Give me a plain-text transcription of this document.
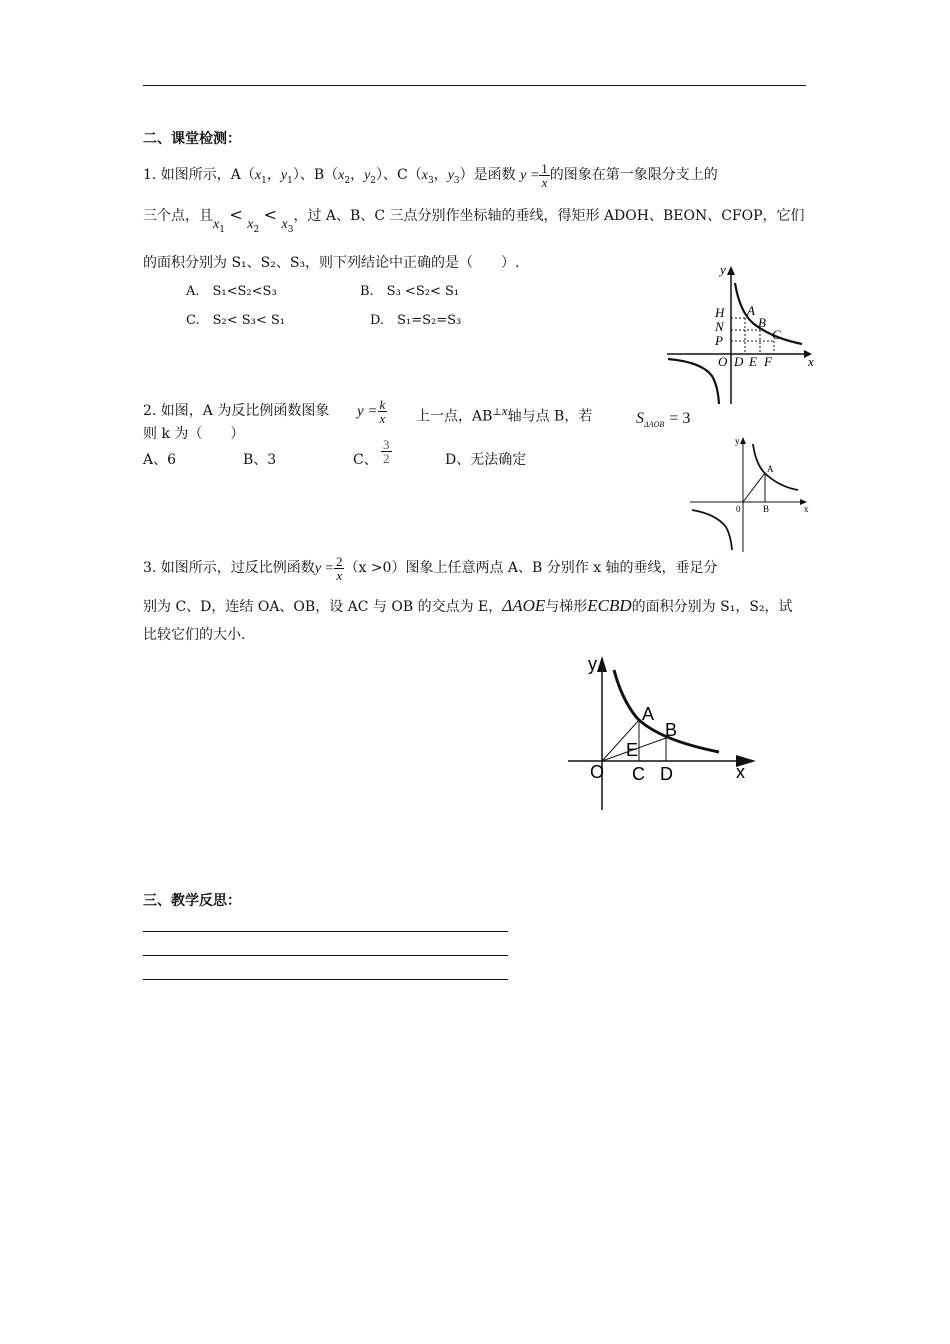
二、课堂检测：
1. 如图所示，$A(x_1$，$y_1$）、$B(x_2$，$y_2$）、$C(x_3$，$y_3$）是函数 $y = \frac{1}{x}$ 的图象在第一象限分支上的
三个点，且$x_1 < x_2 < x_3$，过 A、B、C 三点分别作坐标轴的垂线，得矩形 ADOH、BEON、CFOP，它们
的面积分别为 S₁、S₂、S₃，则下列结论中正确的是（　　）.
A.　S₁<S₂<S₃	B.　S₃ <S₂< S₁
C.　S₂< S₃< S₁	D.　S₁=S₂=S₃
y
H
N
P
A
B
C
O D E F	x
2. 如图，A 为反比例函数图象 $y = \frac{k}{x}$ 上一点，AB⊥x轴与点 B，若	$S_{\Delta AOB} = 3$
则 k 为（　　）
A、6	B、3	C、 $\frac{3}{2}$	D、无法确定
y
A
0	B	x
3. 如图所示，过反比例函数$y = \frac{2}{x} (x >0)$图象上任意两点 A、B 分别作 x 轴的垂线，垂足分
别为 C、D，连结 OA、OB，设 AC 与 OB 的交点为 E，ΔAOE与梯形ECBD的面积分别为 S₁，S₂，试
比较它们的大小.
y
A
B
E
O C D	x
三、教学反思：
